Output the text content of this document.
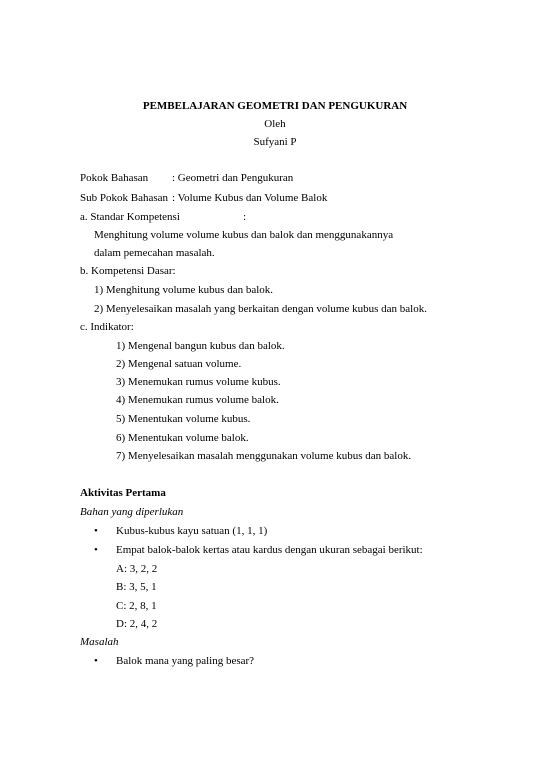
PEMBELAJARAN GEOMETRI DAN PENGUKURAN
Oleh
Sufyani P
Pokok Bahasan : Geometri dan Pengukuran
Sub Pokok Bahasan : Volume Kubus dan Volume Balok
a. Standar Kompetensi	:
Menghitung volume volume kubus dan balok dan menggunakannya
dalam pemecahan masalah.
b. Kompetensi Dasar:
1) Menghitung volume kubus dan balok.
2) Menyelesaikan masalah yang berkaitan dengan volume kubus dan balok.
c. Indikator:
1) Mengenal bangun kubus dan balok.
2) Mengenal satuan volume.
3) Menemukan rumus volume kubus.
4) Menemukan rumus volume balok.
5) Menentukan volume kubus.
6) Menentukan volume balok.
7) Menyelesaikan masalah menggunakan volume kubus dan balok.
Aktivitas Pertama
Bahan yang diperlukan
• Kubus-kubus kayu satuan (1, 1, 1)
• Empat balok-balok kertas atau kardus dengan ukuran sebagai berikut:
A: 3, 2, 2
B: 3, 5, 1
C: 2, 8, 1
D: 2, 4, 2
Masalah
• Balok mana yang paling besar?
